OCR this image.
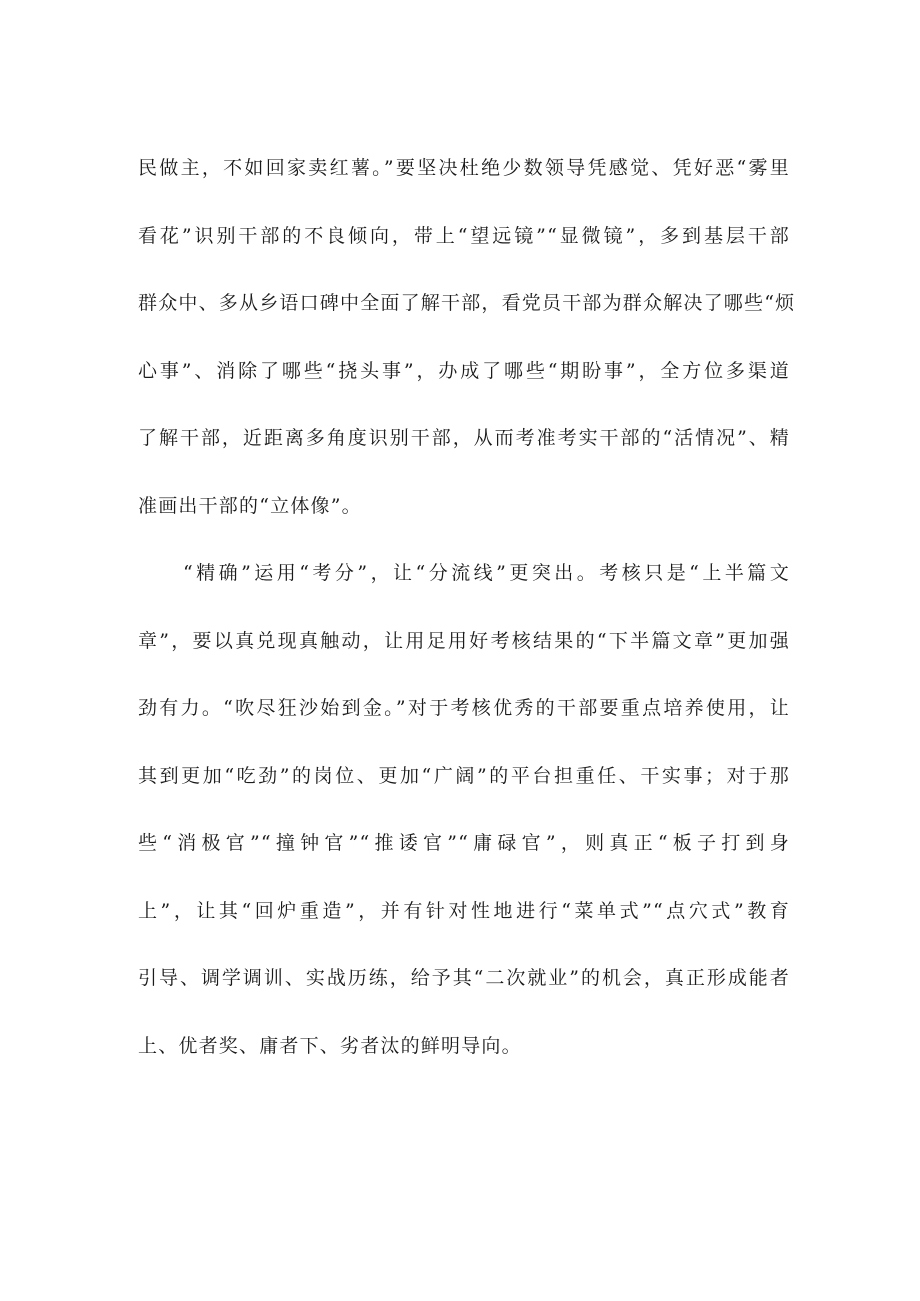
民做主，不如回家卖红薯。”要坚决杜绝少数领导凭感觉、凭好恶“雾里
看花”识别干部的不良倾向，带上“望远镜”“显微镜”，多到基层干部
群众中、多从乡语口碑中全面了解干部，看党员干部为群众解决了哪些“烦
心事”、消除了哪些“挠头事”，办成了哪些“期盼事”，全方位多渠道
了解干部，近距离多角度识别干部，从而考准考实干部的“活情况”、精
准画出干部的“立体像”。
　　“精确”运用“考分”，让“分流线”更突出。考核只是“上半篇文
章”，要以真兑现真触动，让用足用好考核结果的“下半篇文章”更加强
劲有力。“吹尽狂沙始到金。”对于考核优秀的干部要重点培养使用，让
其到更加“吃劲”的岗位、更加“广阔”的平台担重任、干实事；对于那
些“消极官”“撞钟官”“推诿官”“庸碌官”，则真正“板子打到身
上”，让其“回炉重造”，并有针对性地进行“菜单式”“点穴式”教育
引导、调学调训、实战历练，给予其“二次就业”的机会，真正形成能者
上、优者奖、庸者下、劣者汰的鲜明导向。
